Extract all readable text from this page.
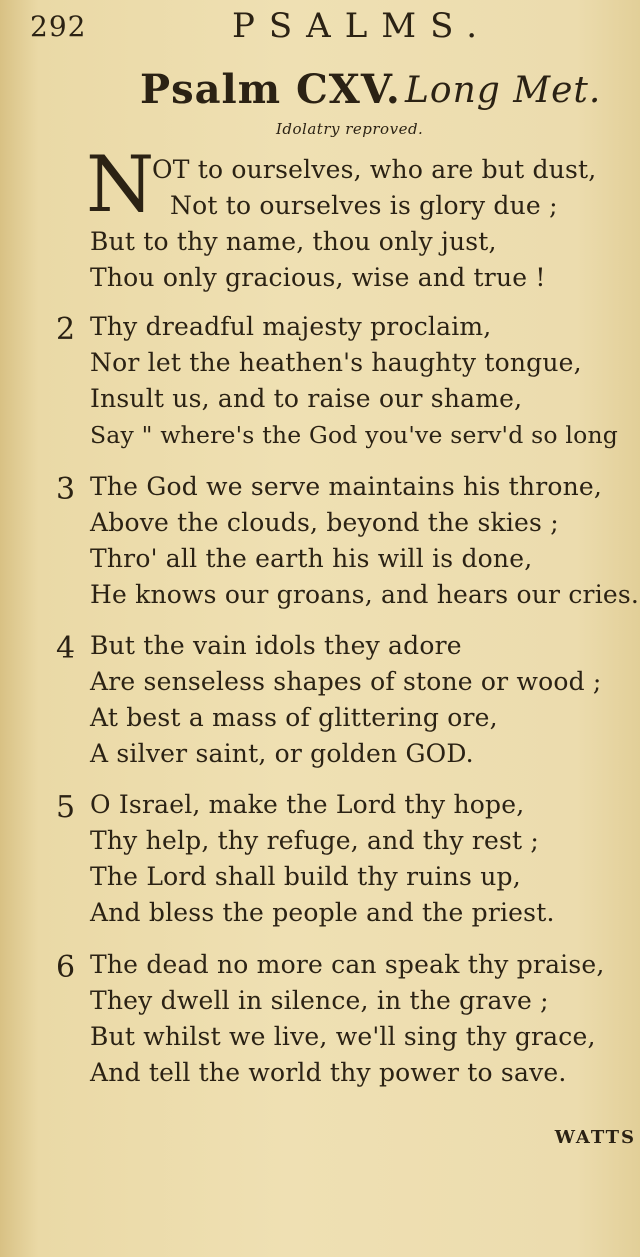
292	PSALMS.
Psalm CXV. Long Met.
Idolatry reproved.
N
OT to ourselves, who are but dust,
Not to ourselves is glory due ;
But to thy name, thou only just,
Thou only gracious, wise and true !
2 Thy dreadful majesty proclaim,
Nor let the heathen's haughty tongue,
Insult us, and to raise our shame,
Say " where's the God you've serv'd so long
3 The God we serve maintains his throne,
Above the clouds, beyond the skies ;
Thro' all the earth his will is done,
He knows our groans, and hears our cries.
4 But the vain idols they adore
Are senseless shapes of stone or wood ;
At best a mass of glittering ore,
A silver saint, or golden GOD.
5 O Israel, make the Lord thy hope,
Thy help, thy refuge, and thy rest ;
The Lord shall build thy ruins up,
And bless the people and the priest.
6 The dead no more can speak thy praise,
They dwell in silence, in the grave ;
But whilst we live, we'll sing thy grace,
And tell the world thy power to save.
WATTS
